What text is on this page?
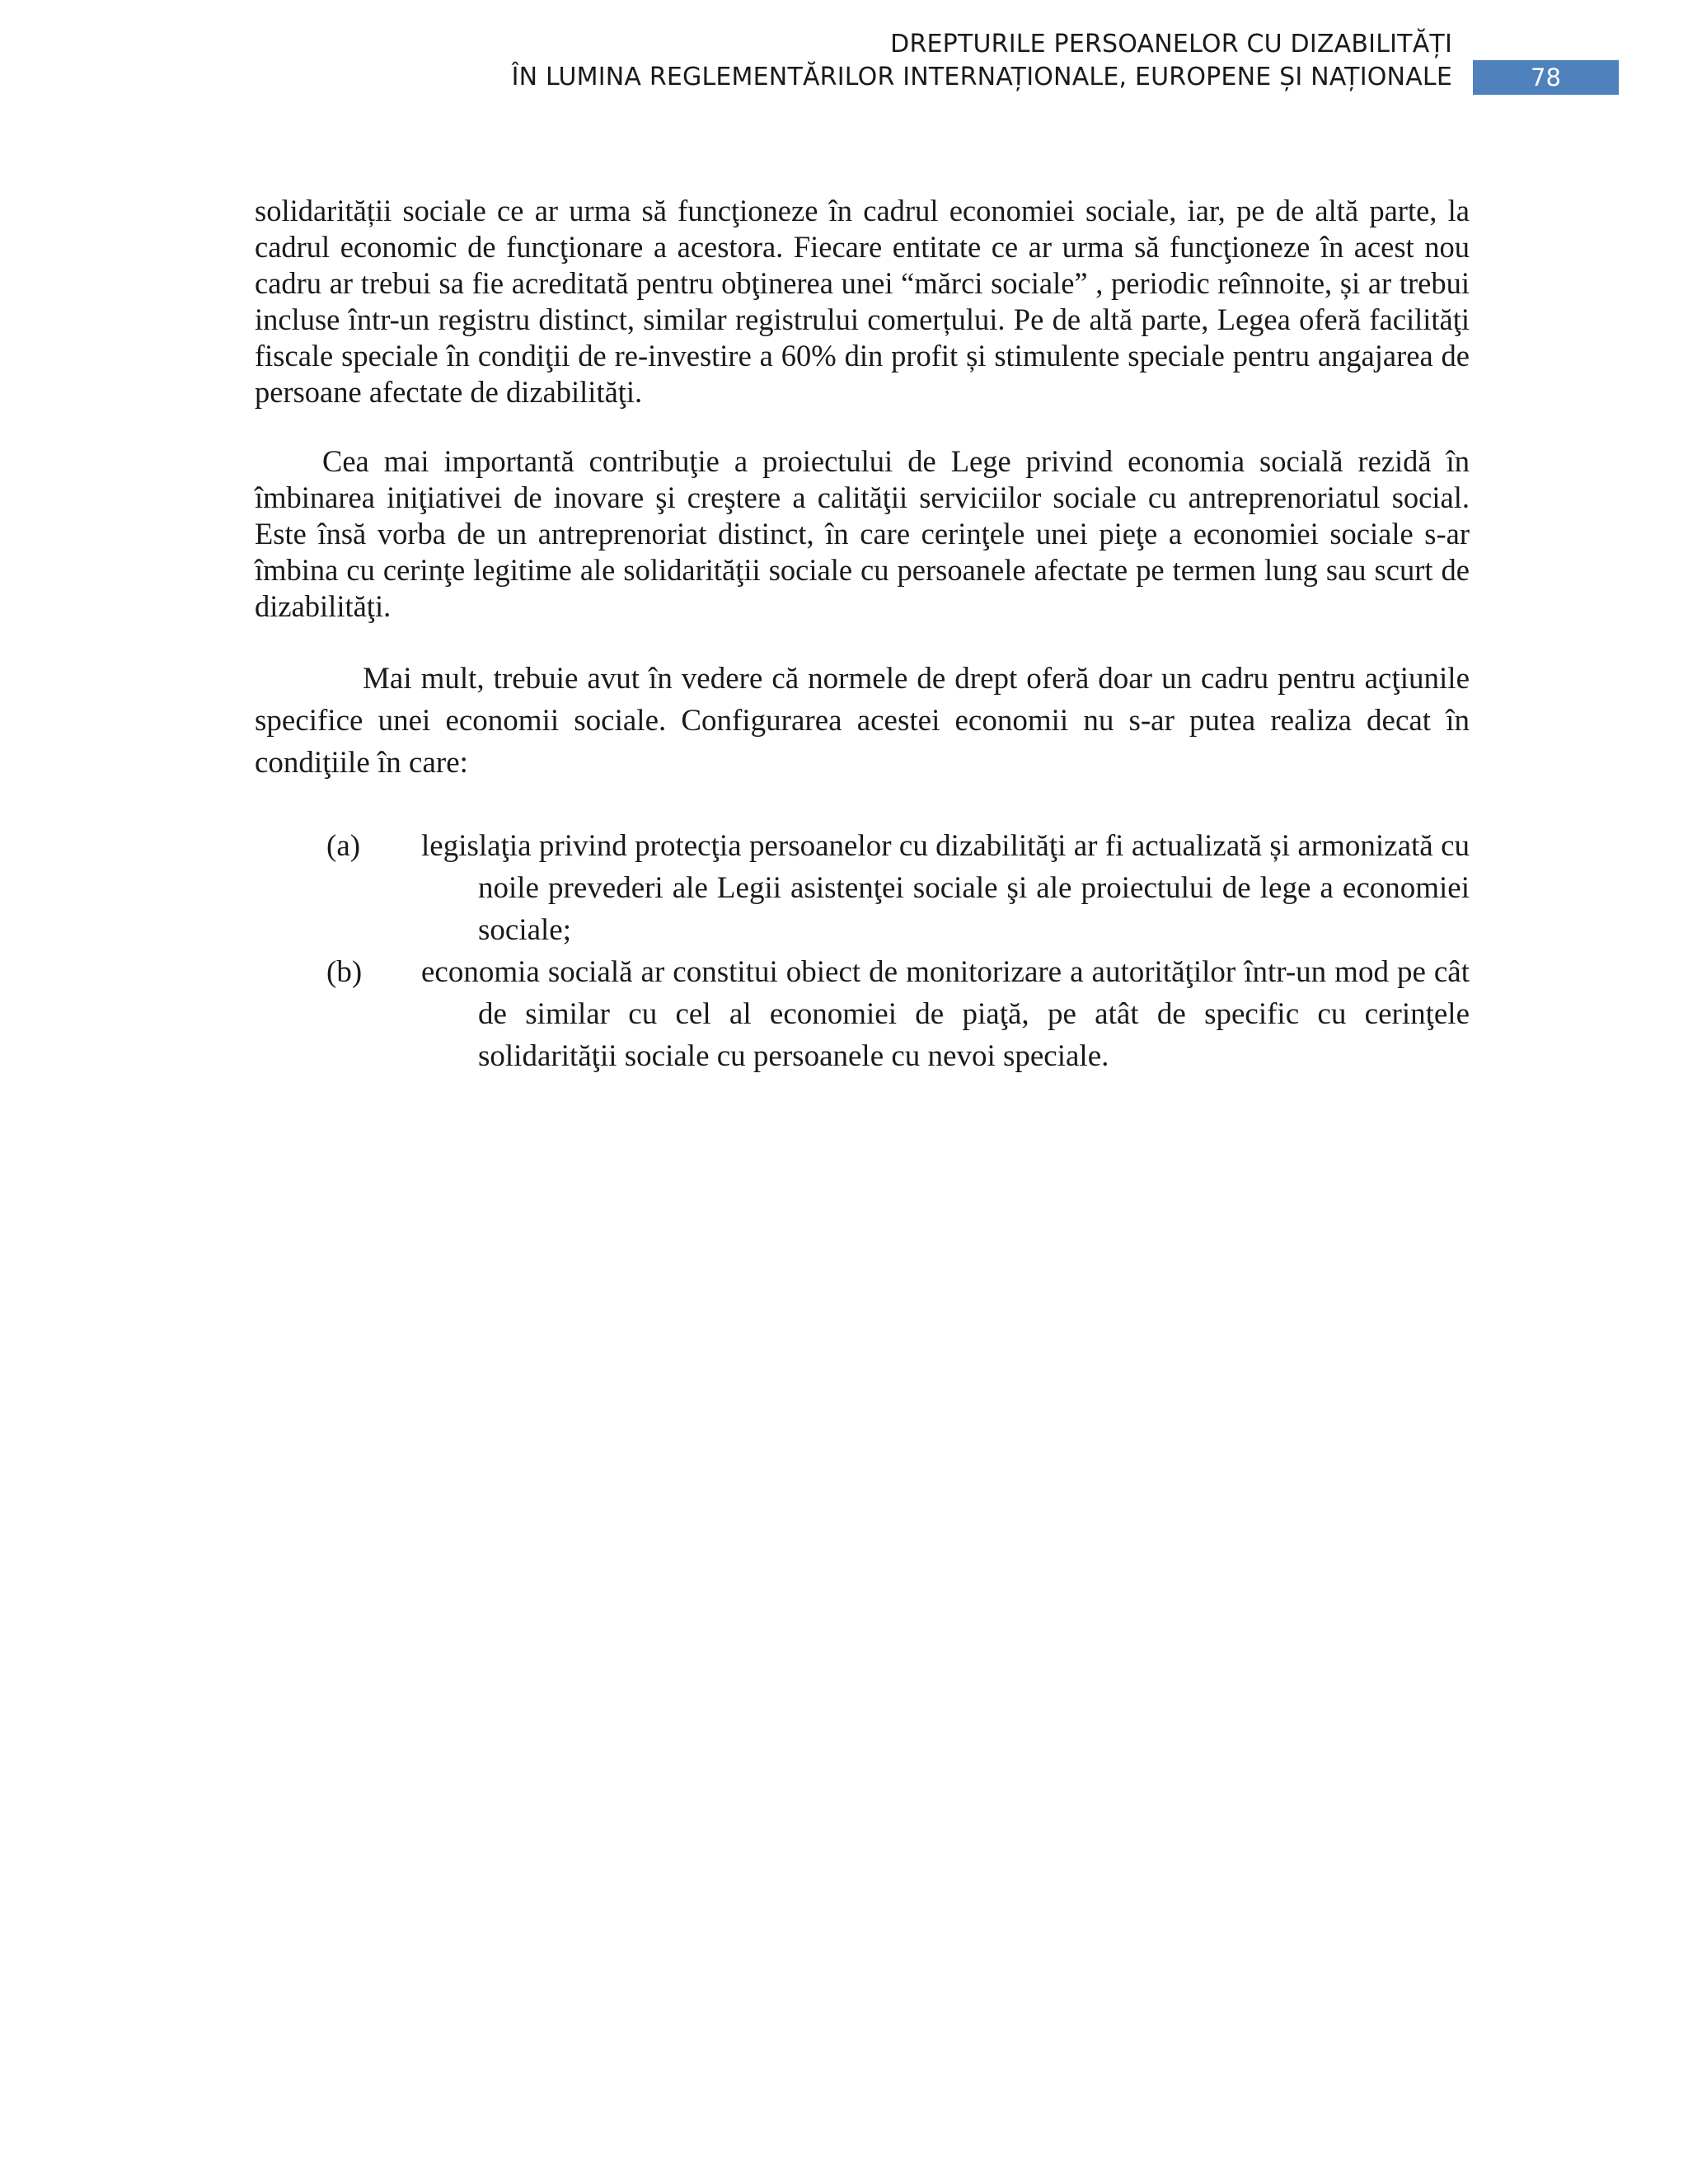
DREPTURILE PERSOANELOR CU DIZABILITĂȚI
ÎN LUMINA REGLEMENTĂRILOR INTERNAȚIONALE, EUROPENE ȘI NAȚIONALE	78

solidarității sociale ce ar urma să funcţioneze în cadrul economiei sociale, iar, pe de altă parte, la cadrul economic de funcţionare a acestora. Fiecare entitate ce ar urma să funcţioneze în acest nou cadru ar trebui sa fie acreditată pentru obţinerea unei “mărci sociale” , periodic reînnoite, și ar trebui incluse într-un registru distinct, similar registrului comerțului. Pe de altă parte, Legea oferă facilităţi fiscale speciale în condiţii de re-investire a 60% din profit și stimulente speciale pentru angajarea de persoane afectate de dizabilităţi.

Cea mai importantă contribuţie a proiectului de Lege privind economia socială rezidă în îmbinarea iniţiativei de inovare şi creştere a calităţii serviciilor sociale cu antreprenoriatul social. Este însă vorba de un antreprenoriat distinct, în care cerinţele unei pieţe a economiei sociale s-ar îmbina cu cerinţe legitime ale solidarităţii sociale cu persoanele afectate pe termen lung sau scurt de dizabilităţi.

Mai mult, trebuie avut în vedere că normele de drept oferă doar un cadru pentru acţiunile specifice unei economii sociale. Configurarea acestei economii nu s-ar putea realiza decat în condiţiile în care:

(a)	legislaţia privind protecţia persoanelor cu dizabilităţi ar fi actualizată și armonizată cu noile prevederi ale Legii asistenţei sociale şi ale proiectului de lege a economiei sociale;
(b)	economia socială ar constitui obiect de monitorizare a autorităţilor într-un mod pe cât de similar cu cel al economiei de piaţă, pe atât de specific cu cerinţele solidarităţii sociale cu persoanele cu nevoi speciale.
